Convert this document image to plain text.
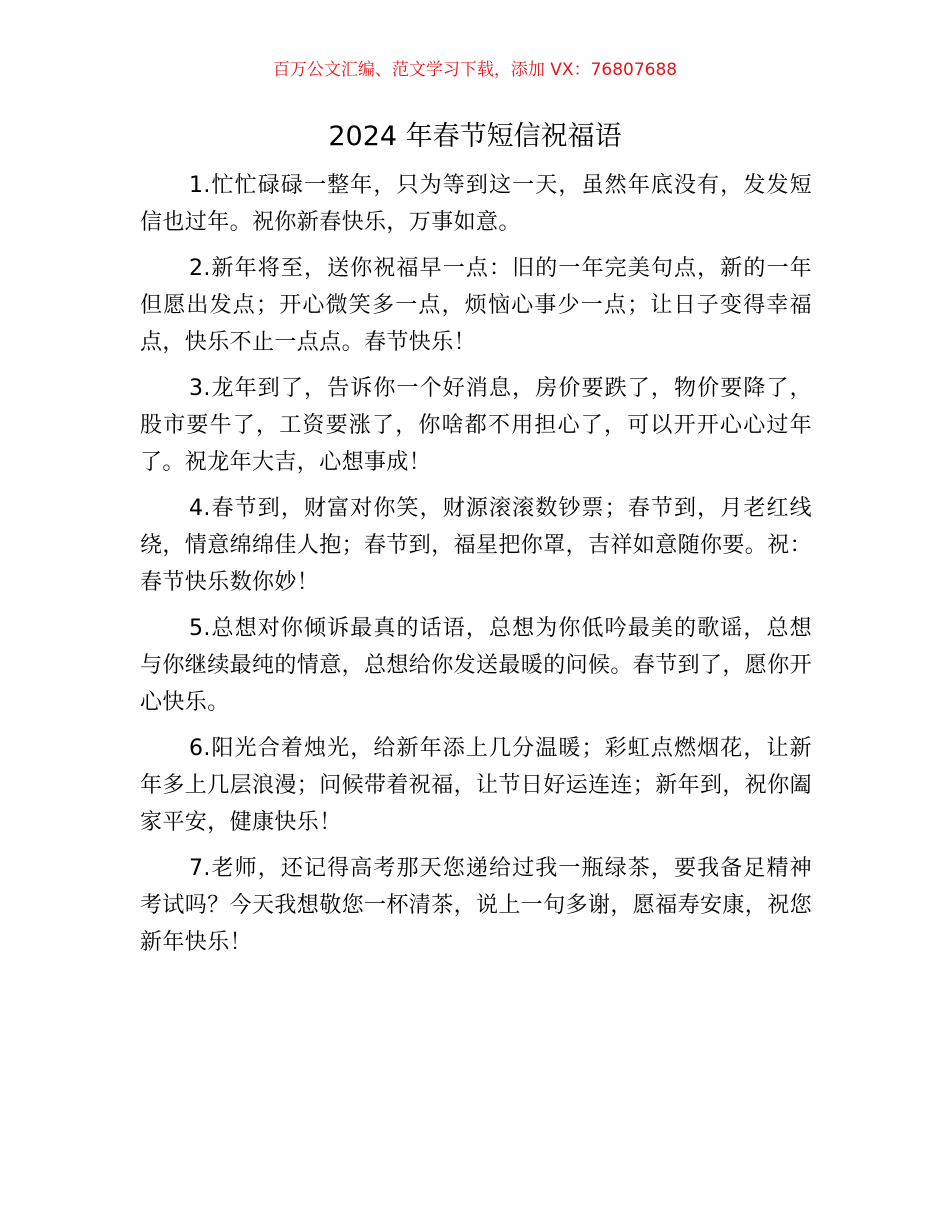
百万公文汇编、范文学习下载，添加 VX：76807688
2024 年春节短信祝福语

1.忙忙碌碌一整年，只为等到这一天，虽然年底没有，发发短信也过年。祝你新春快乐，万事如意。

2.新年将至，送你祝福早一点：旧的一年完美句点，新的一年但愿出发点；开心微笑多一点，烦恼心事少一点；让日子变得幸福点，快乐不止一点点。春节快乐！

3.龙年到了，告诉你一个好消息，房价要跌了，物价要降了，股市要牛了，工资要涨了，你啥都不用担心了，可以开开心心过年了。祝龙年大吉，心想事成！

4.春节到，财富对你笑，财源滚滚数钞票；春节到，月老红线绕，情意绵绵佳人抱；春节到，福星把你罩，吉祥如意随你要。祝：春节快乐数你妙！

5.总想对你倾诉最真的话语，总想为你低吟最美的歌谣，总想与你继续最纯的情意，总想给你发送最暖的问候。春节到了，愿你开心快乐。

6.阳光合着烛光，给新年添上几分温暖；彩虹点燃烟花，让新年多上几层浪漫；问候带着祝福，让节日好运连连；新年到，祝你阖家平安，健康快乐！

7.老师，还记得高考那天您递给过我一瓶绿茶，要我备足精神考试吗？今天我想敬您一杯清茶，说上一句多谢，愿福寿安康，祝您新年快乐！
